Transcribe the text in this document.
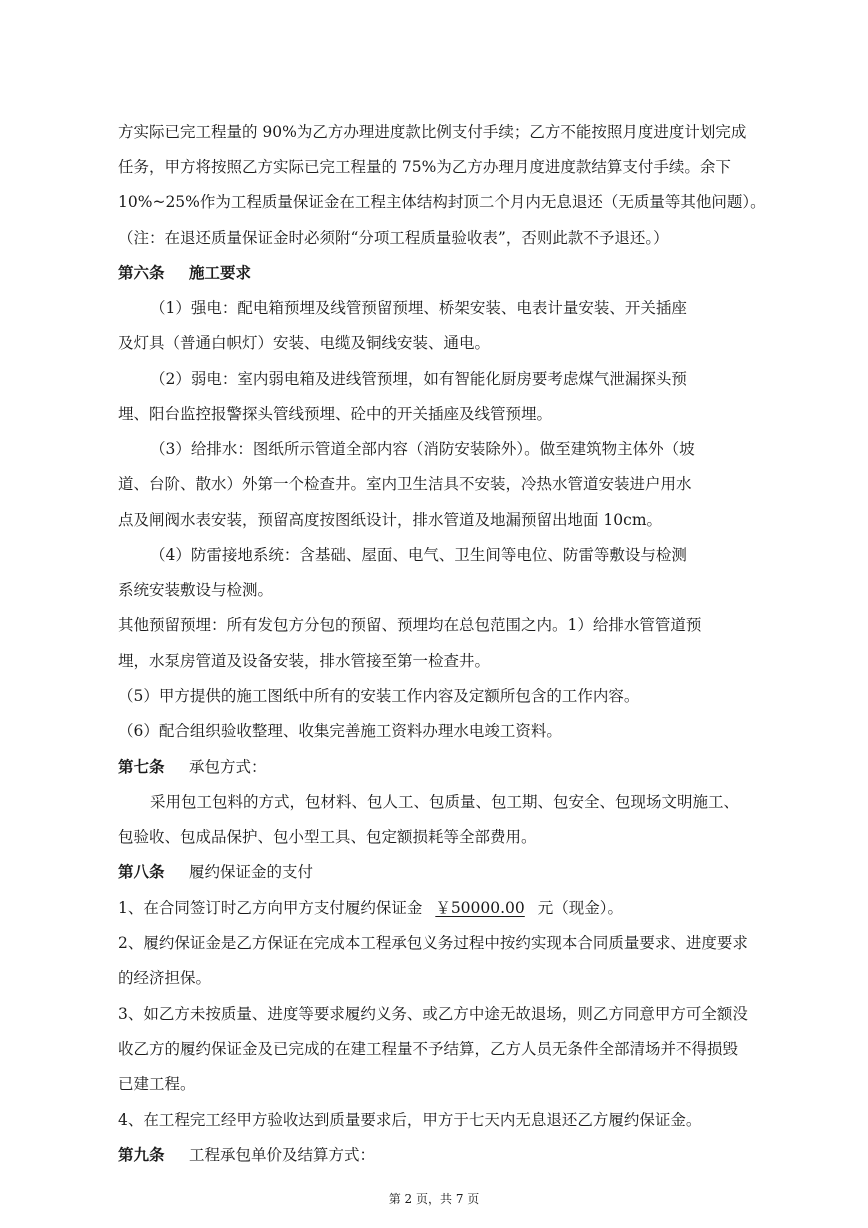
方实际已完工程量的 90%为乙方办理进度款比例支付手续；乙方不能按照月度进度计划完成
任务，甲方将按照乙方实际已完工程量的 75%为乙方办理月度进度款结算支付手续。余下
10%~25%作为工程质量保证金在工程主体结构封顶二个月内无息退还（无质量等其他问题）。
（注：在退还质量保证金时必须附“分项工程质量验收表”，否则此款不予退还。）
第六条 施工要求
（1）强电：配电箱预埋及线管预留预埋、桥架安装、电表计量安装、开关插座
及灯具（普通白帜灯）安装、电缆及铜线安装、通电。
（2）弱电：室内弱电箱及进线管预埋，如有智能化厨房要考虑煤气泄漏探头预
埋、阳台监控报警探头管线预埋、砼中的开关插座及线管预埋。
（3）给排水：图纸所示管道全部内容（消防安装除外）。做至建筑物主体外（坡
道、台阶、散水）外第一个检查井。室内卫生洁具不安装，冷热水管道安装进户用水
点及闸阀水表安装，预留高度按图纸设计，排水管道及地漏预留出地面 10cm。
（4）防雷接地系统：含基础、屋面、电气、卫生间等电位、防雷等敷设与检测
系统安装敷设与检测。
其他预留预埋：所有发包方分包的预留、预埋均在总包范围之内。1）给排水管管道预
埋，水泵房管道及设备安装，排水管接至第一检查井。
（5）甲方提供的施工图纸中所有的安装工作内容及定额所包含的工作内容。
（6）配合组织验收整理、收集完善施工资料办理水电竣工资料。
第七条 承包方式：
采用包工包料的方式，包材料、包人工、包质量、包工期、包安全、包现场文明施工、
包验收、包成品保护、包小型工具、包定额损耗等全部费用。
第八条 履约保证金的支付
1、在合同签订时乙方向甲方支付履约保证金 ￥50000.00 元（现金）。
2、履约保证金是乙方保证在完成本工程承包义务过程中按约实现本合同质量要求、进度要求
的经济担保。
3、如乙方未按质量、进度等要求履约义务、或乙方中途无故退场，则乙方同意甲方可全额没
收乙方的履约保证金及已完成的在建工程量不予结算，乙方人员无条件全部清场并不得损毁
已建工程。
4、在工程完工经甲方验收达到质量要求后，甲方于七天内无息退还乙方履约保证金。
第九条 工程承包单价及结算方式：
第 2 页，共 7 页
